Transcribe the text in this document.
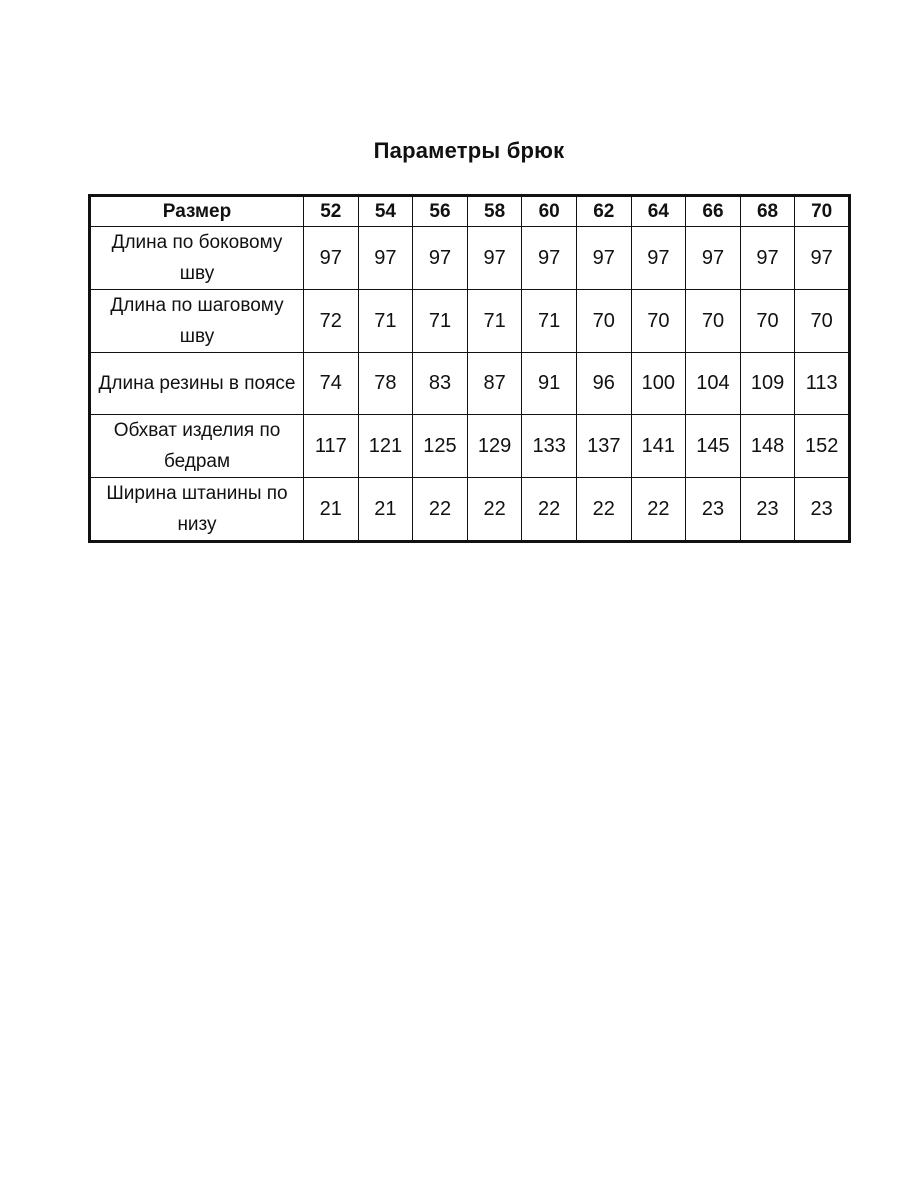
Параметры брюк
Размер	52	54	56	58	60	62	64	66	68	70
Длина по боковому шву	97	97	97	97	97	97	97	97	97	97
Длина по шаговому шву	72	71	71	71	71	70	70	70	70	70
Длина резины в поясе	74	78	83	87	91	96	100	104	109	113
Обхват изделия по бедрам	117	121	125	129	133	137	141	145	148	152
Ширина штанины по низу	21	21	22	22	22	22	22	23	23	23
